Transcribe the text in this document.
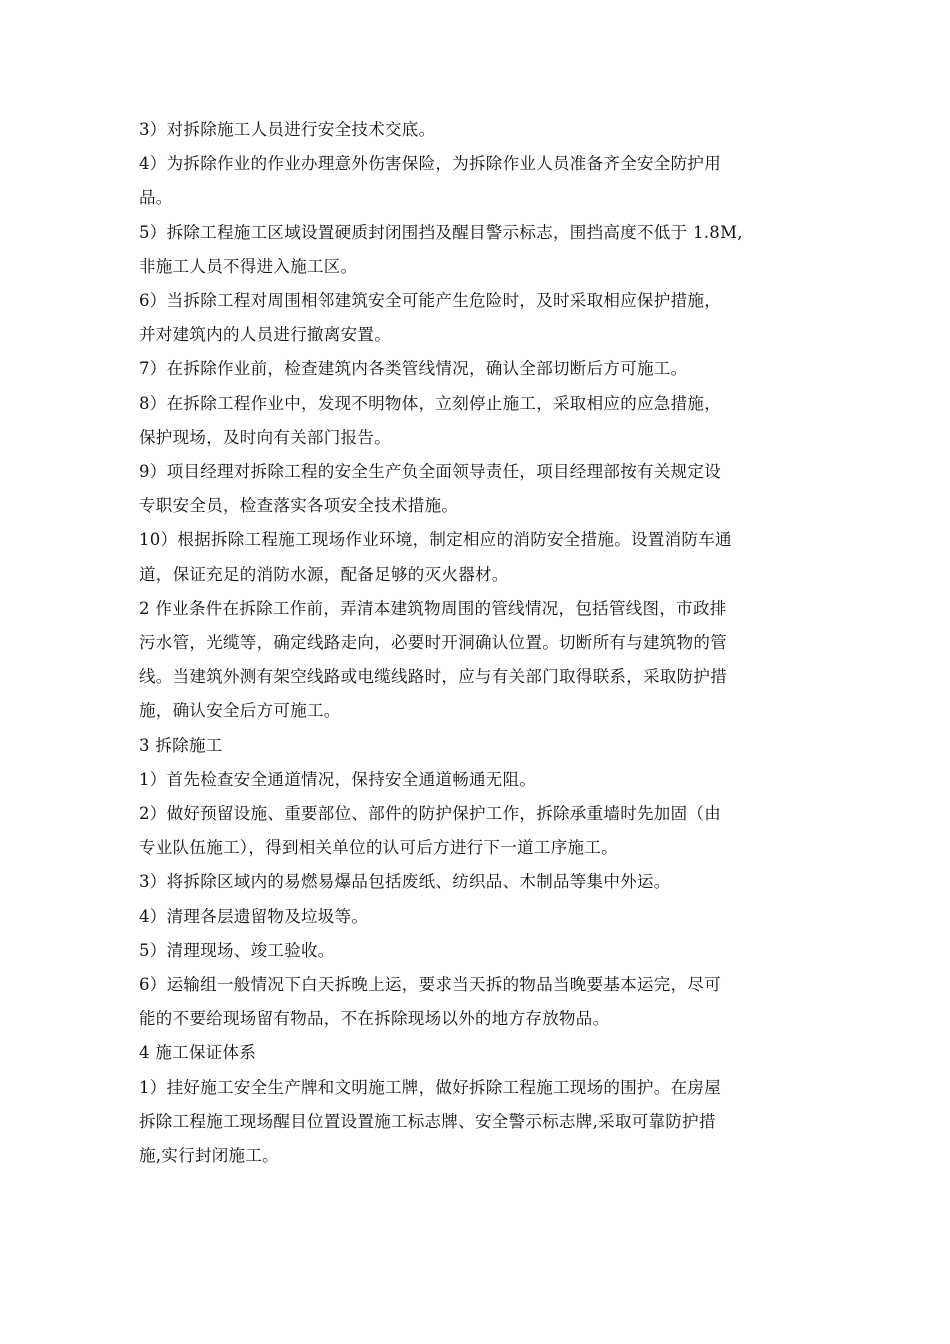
3）对拆除施工人员进行安全技术交底。

4）为拆除作业的作业办理意外伤害保险，为拆除作业人员准备齐全安全防护用
品。

5）拆除工程施工区域设置硬质封闭围挡及醒目警示标志，围挡高度不低于 1.8M,
非施工人员不得进入施工区。

6）当拆除工程对周围相邻建筑安全可能产生危险时，及时采取相应保护措施，
并对建筑内的人员进行撤离安置。

7）在拆除作业前，检查建筑内各类管线情况，确认全部切断后方可施工。

8）在拆除工程作业中，发现不明物体，立刻停止施工，采取相应的应急措施，
保护现场，及时向有关部门报告。

9）项目经理对拆除工程的安全生产负全面领导责任，项目经理部按有关规定设
专职安全员，检查落实各项安全技术措施。

10）根据拆除工程施工现场作业环境，制定相应的消防安全措施。设置消防车通
道，保证充足的消防水源，配备足够的灭火器材。

2 作业条件在拆除工作前，弄清本建筑物周围的管线情况，包括管线图，市政排
污水管，光缆等，确定线路走向，必要时开洞确认位置。切断所有与建筑物的管
线。当建筑外测有架空线路或电缆线路时，应与有关部门取得联系，采取防护措
施，确认安全后方可施工。

3 拆除施工

1）首先检查安全通道情况，保持安全通道畅通无阻。

2）做好预留设施、重要部位、部件的防护保护工作，拆除承重墙时先加固（由
专业队伍施工），得到相关单位的认可后方进行下一道工序施工。

3）将拆除区域内的易燃易爆品包括废纸、纺织品、木制品等集中外运。

4）清理各层遗留物及垃圾等。

5）清理现场、竣工验收。

6）运输组一般情况下白天拆晚上运，要求当天拆的物品当晚要基本运完，尽可
能的不要给现场留有物品，不在拆除现场以外的地方存放物品。

4 施工保证体系

1）挂好施工安全生产牌和文明施工牌，做好拆除工程施工现场的围护。在房屋
拆除工程施工现场醒目位置设置施工标志牌、安全警示标志牌,采取可靠防护措
施,实行封闭施工。
